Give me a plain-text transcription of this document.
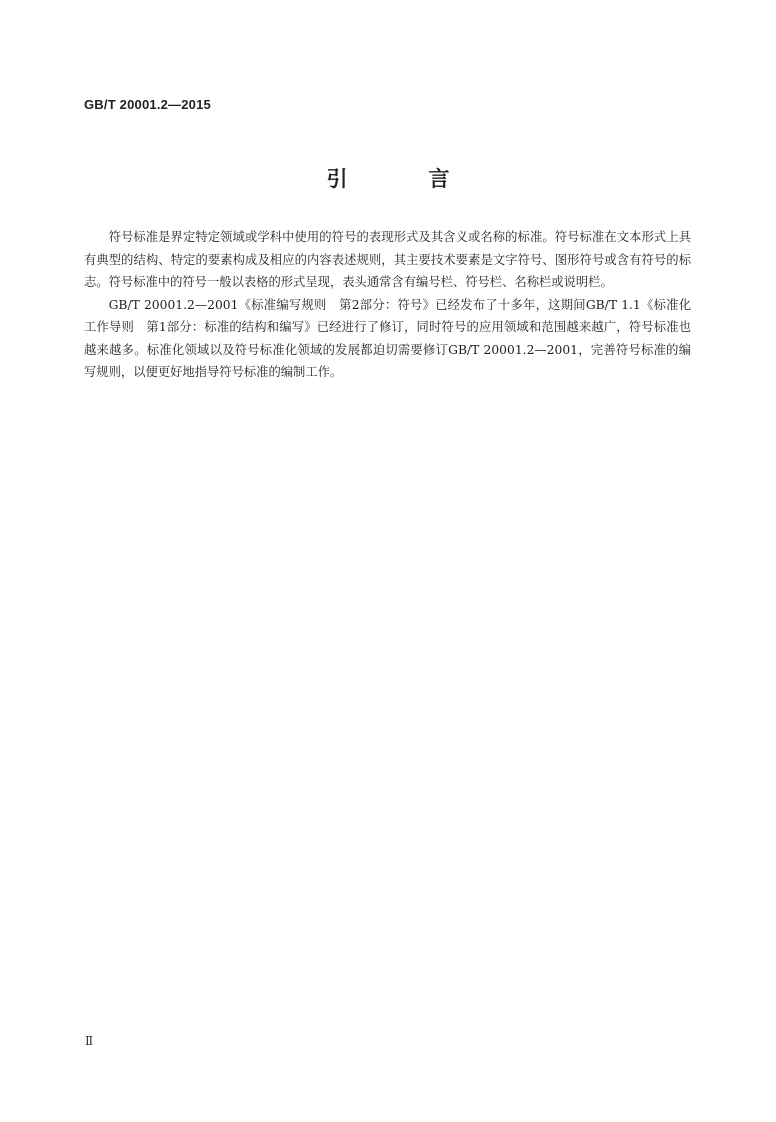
GB/T 20001.2—2015
引　言

符号标准是界定特定领域或学科中使用的符号的表现形式及其含义或名称的标准。符号标准在文本形式上具有典型的结构、特定的要素构成及相应的内容表述规则，其主要技术要素是文字符号、图形符号或含有符号的标志。符号标准中的符号一般以表格的形式呈现，表头通常含有编号栏、符号栏、名称栏或说明栏。

GB/T 20001.2—2001《标准编写规则　第2部分：符号》已经发布了十多年，这期间GB/T 1.1《标准化工作导则　第1部分：标准的结构和编写》已经进行了修订，同时符号的应用领域和范围越来越广，符号标准也越来越多。标准化领域以及符号标准化领域的发展都迫切需要修订GB/T 20001.2—2001，完善符号标准的编写规则，以便更好地指导符号标准的编制工作。

Ⅱ
